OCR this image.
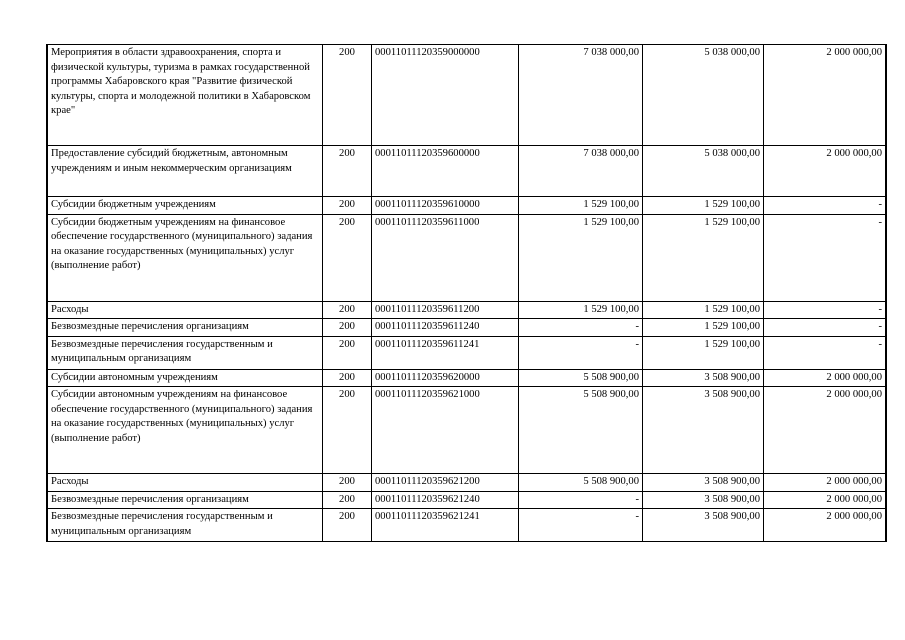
Мероприятия в области здравоохранения, спорта и физической культуры, туризма в рамках государственной программы Хабаровского края "Развитие физической культуры, спорта и молодежной политики в Хабаровском крае"	200	00011011120359000000	7 038 000,00	5 038 000,00	2 000 000,00
Предоставление субсидий бюджетным, автономным учреждениям и иным некоммерческим организациям	200	00011011120359600000	7 038 000,00	5 038 000,00	2 000 000,00
Субсидии бюджетным учреждениям	200	00011011120359610000	1 529 100,00	1 529 100,00	-
Субсидии бюджетным учреждениям на финансовое обеспечение государственного (муниципального) задания на оказание государственных (муниципальных) услуг (выполнение работ)	200	00011011120359611000	1 529 100,00	1 529 100,00	-
Расходы	200	00011011120359611200	1 529 100,00	1 529 100,00	-
Безвозмездные перечисления организациям	200	00011011120359611240	-	1 529 100,00	-
Безвозмездные перечисления государственным и муниципальным организациям	200	00011011120359611241	-	1 529 100,00	-
Субсидии автономным учреждениям	200	00011011120359620000	5 508 900,00	3 508 900,00	2 000 000,00
Субсидии автономным учреждениям на финансовое обеспечение государственного (муниципального) задания на оказание государственных (муниципальных) услуг (выполнение работ)	200	00011011120359621000	5 508 900,00	3 508 900,00	2 000 000,00
Расходы	200	00011011120359621200	5 508 900,00	3 508 900,00	2 000 000,00
Безвозмездные перечисления организациям	200	00011011120359621240	-	3 508 900,00	2 000 000,00
Безвозмездные перечисления государственным и муниципальным организациям	200	00011011120359621241	-	3 508 900,00	2 000 000,00
